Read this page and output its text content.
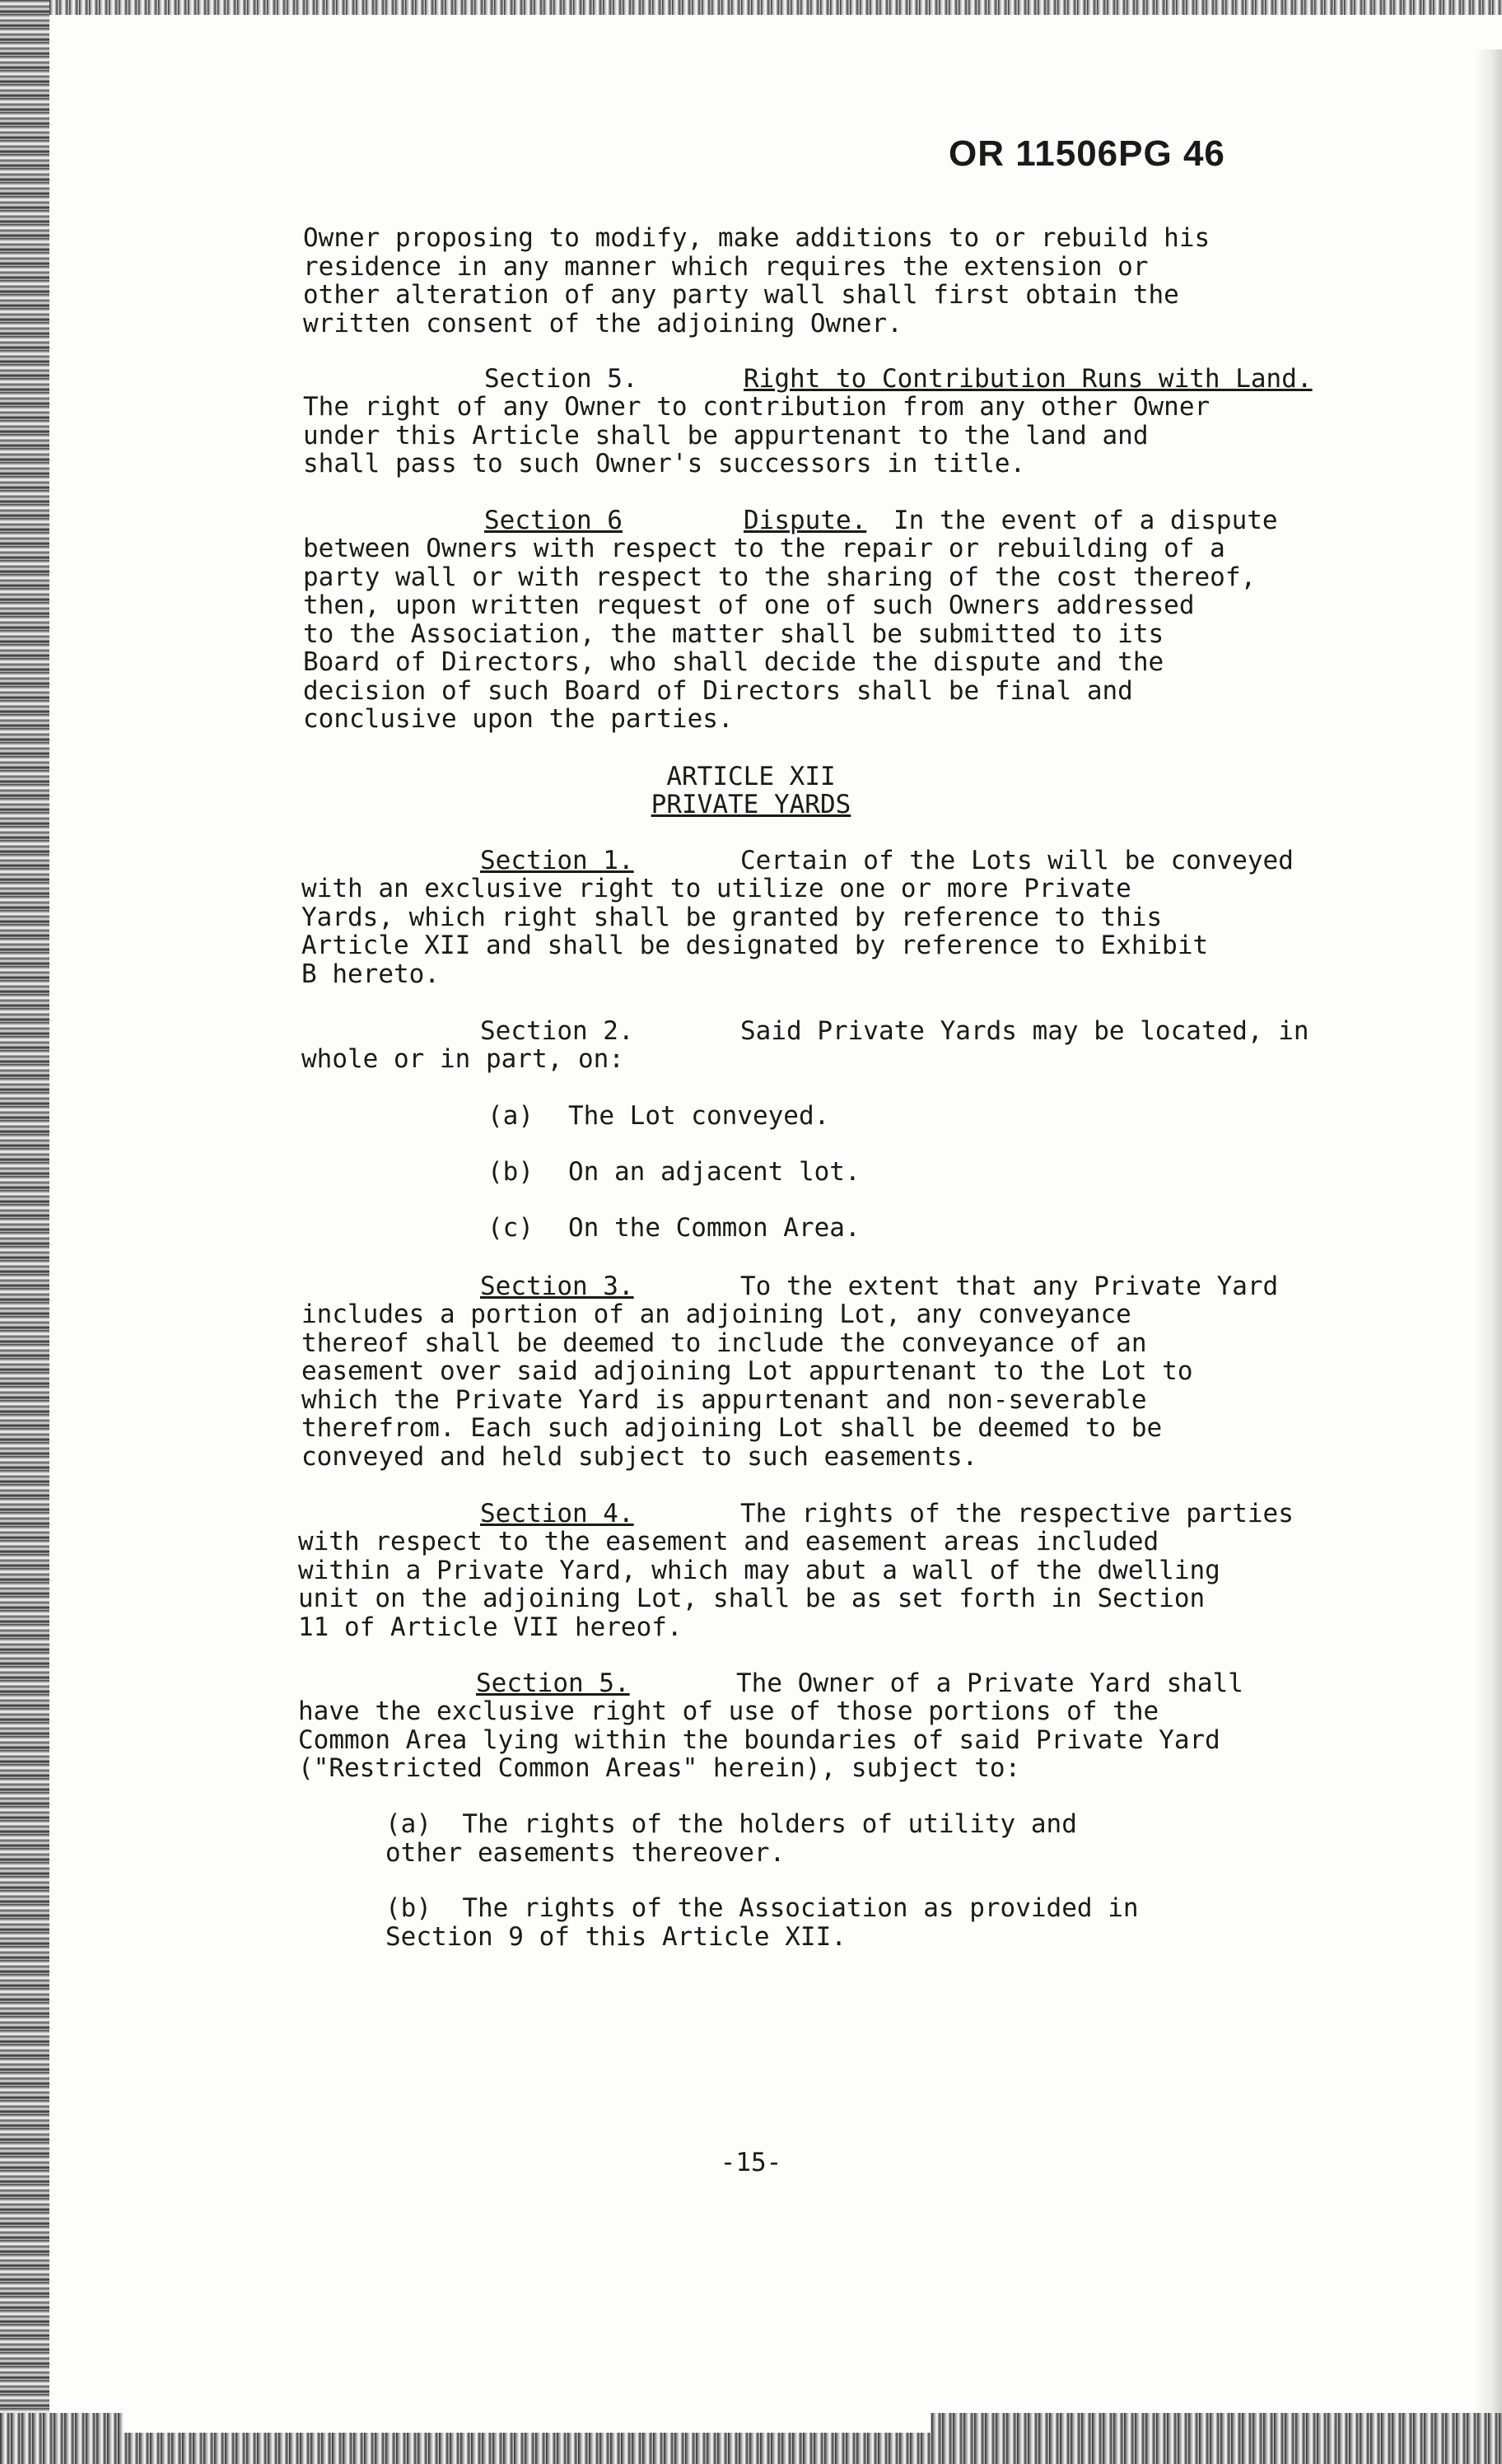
OR 11506PG 46
Owner proposing to modify, make additions to or rebuild his
residence in any manner which requires the extension or
other alteration of any party wall shall first obtain the
written consent of the adjoining Owner.
Section 5.	Right to Contribution Runs with Land.
The right of any Owner to contribution from any other Owner
under this Article shall be appurtenant to the land and
shall pass to such Owner's successors in title.
Section 6	Dispute. In the event of a dispute
between Owners with respect to the repair or rebuilding of a
party wall or with respect to the sharing of the cost thereof,
then, upon written request of one of such Owners addressed
to the Association, the matter shall be submitted to its
Board of Directors, who shall decide the dispute and the
decision of such Board of Directors shall be final and
conclusive upon the parties.
ARTICLE XII
PRIVATE YARDS
Section 1.	Certain of the Lots will be conveyed
with an exclusive right to utilize one or more Private
Yards, which right shall be granted by reference to this
Article XII and shall be designated by reference to Exhibit
B hereto.
Section 2.	Said Private Yards may be located, in
whole or in part, on:
(a) The Lot conveyed.
(b) On an adjacent lot.
(c) On the Common Area.
Section 3.	To the extent that any Private Yard
includes a portion of an adjoining Lot, any conveyance
thereof shall be deemed to include the conveyance of an
easement over said adjoining Lot appurtenant to the Lot to
which the Private Yard is appurtenant and non-severable
therefrom. Each such adjoining Lot shall be deemed to be
conveyed and held subject to such easements.
Section 4.	The rights of the respective parties
with respect to the easement and easement areas included
within a Private Yard, which may abut a wall of the dwelling
unit on the adjoining Lot, shall be as set forth in Section
11 of Article VII hereof.
Section 5.	The Owner of a Private Yard shall
have the exclusive right of use of those portions of the
Common Area lying within the boundaries of said Private Yard
("Restricted Common Areas" herein), subject to:
(a)  The rights of the holders of utility and
other easements thereover.
(b)  The rights of the Association as provided in
Section 9 of this Article XII.
-15-
